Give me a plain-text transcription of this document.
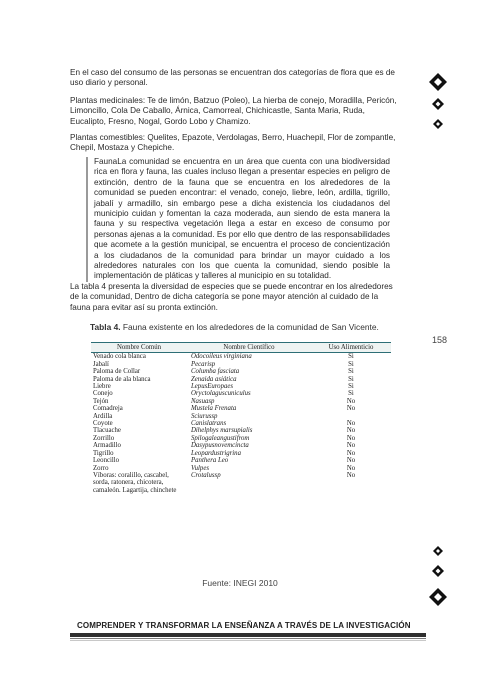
En el caso del consumo de las personas se encuentran dos categorías de flora que es de uso diario y personal.

Plantas medicinales: Te de limón, Batzuo (Poleo), La hierba de conejo, Moradilla, Pericón, Limoncillo, Cola De Caballo, Árnica, Camorreal, Chichicastle, Santa Maria, Ruda, Eucalipto, Fresno, Nogal, Gordo Lobo y Chamizo.

Plantas comestibles: Quelites, Epazote, Verdolagas, Berro, Huachepil, Flor de zompantle, Chepil, Mostaza y Chepiche.

FaunaLa comunidad se encuentra en un área que cuenta con una biodiversidad rica en flora y fauna, las cuales incluso llegan a presentar especies en peligro de extinción, dentro de la fauna que se encuentra en los alrededores de la comunidad se pueden encontrar: el venado, conejo, liebre, león, ardilla, tigrillo, jabalí y armadillo, sin embargo pese a dicha existencia los ciudadanos del municipio cuidan y fomentan la caza moderada, aun siendo de esta manera la fauna y su respectiva vegetación llega a estar en exceso de consumo por personas ajenas a la comunidad. Es por ello que dentro de las responsabilidades que acomete a la gestión municipal, se encuentra el proceso de concientización a los ciudadanos de la comunidad para brindar un mayor cuidado a los alrededores naturales con los que cuenta la comunidad, siendo posible la implementación de pláticas y talleres al municipio en su totalidad.

La tabla 4 presenta la diversidad de especies que se puede encontrar en los alrededores de la comunidad, Dentro de dicha categoría se pone mayor atención al cuidado de la fauna para evitar así su pronta extinción.

Tabla 4. Fauna existente en los alrededores de la comunidad de San Vicente.
158
Nombre Común	Nombre Científico	Uso Alimenticio
Venado cola blanca	Odocoileus virginiana	Si
Jabalí	Pecarisp	Si
Paloma de Collar	Columba fasciata	Si
Paloma de ala blanca	Zenaida asiática	Si
Liebre	LepusEuropaes	Si
Conejo	Oryctolaguscuniculus	Si
Tejón	Nasuasp	No
Comadreja	Mustela Frenata	No
Ardilla	Sciurussp	
Coyote	Canislatrans	No
Tlacuache	Dihelphys marsupialis	No
Zorrillo	Spilogaleangustifrom	No
Armadillo	Dasypusnovemcincta	No
Tigrillo	Leopardustrigrina	No
Leoncillo	Panthera Leo	No
Zorro	Vulpes	No
Víboras: coralillo, cascabel, sorda, ratonera, chicotera, camaleón. Lagartija, chinchete	Crotalussp	No
Fuente: INEGI 2010
COMPRENDER Y TRANSFORMAR LA ENSEÑANZA A TRAVÉS DE LA INVESTIGACIÓN
